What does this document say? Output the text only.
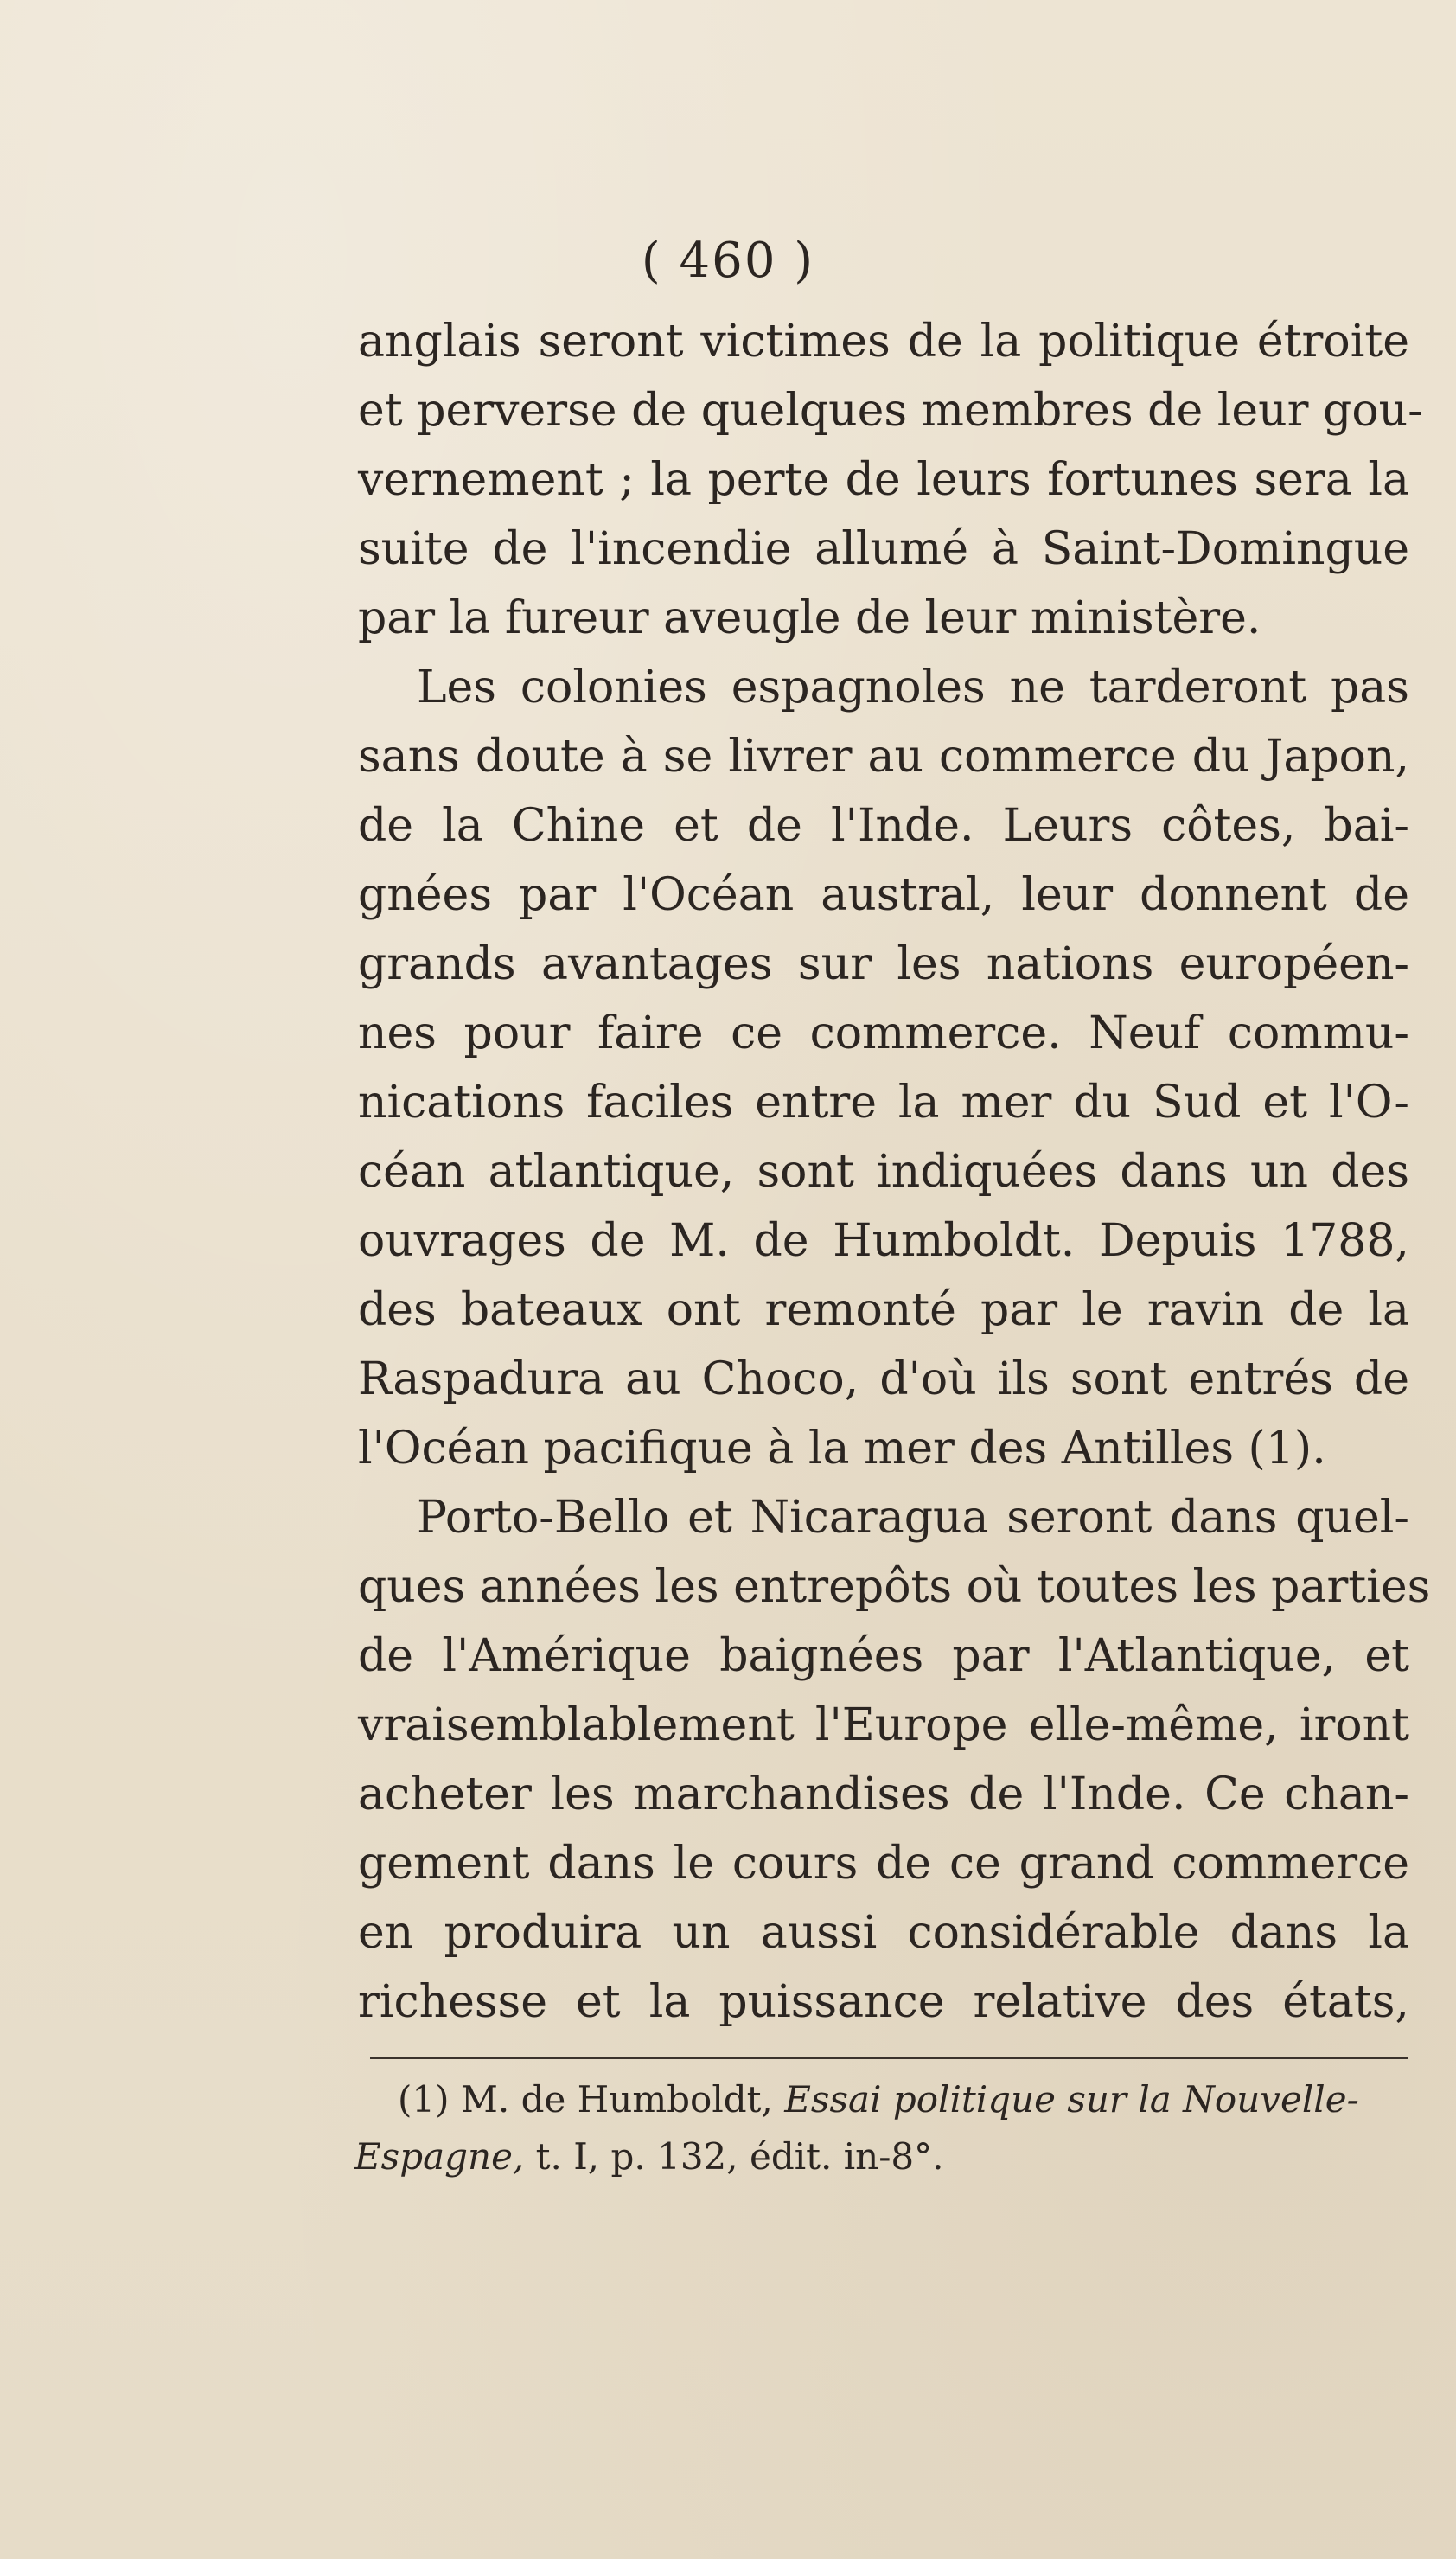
( 460 )
anglais seront victimes de la politique étroite
et perverse de quelques membres de leur gou-
vernement ; la perte de leurs fortunes sera la
suite de l'incendie allumé à Saint-Domingue
par la fureur aveugle de leur ministère.
Les colonies espagnoles ne tarderont pas
sans doute à se livrer au commerce du Japon,
de la Chine et de l'Inde. Leurs côtes, bai-
gnées par l'Océan austral, leur donnent de
grands avantages sur les nations européen-
nes pour faire ce commerce. Neuf commu-
nications faciles entre la mer du Sud et l'O-
céan atlantique, sont indiquées dans un des
ouvrages de M. de Humboldt. Depuis 1788,
des bateaux ont remonté par le ravin de la
Raspadura au Choco, d'où ils sont entrés de
l'Océan pacifique à la mer des Antilles (1).
Porto-Bello et Nicaragua seront dans quel-
ques années les entrepôts où toutes les parties
de l'Amérique baignées par l'Atlantique, et
vraisemblablement l'Europe elle-même, iront
acheter les marchandises de l'Inde. Ce chan-
gement dans le cours de ce grand commerce
en produira un aussi considérable dans la
richesse et la puissance relative des états,
(1) M. de Humboldt, Essai politique sur la Nouvelle-
Espagne, t. I, p. 132, édit. in-8°.
